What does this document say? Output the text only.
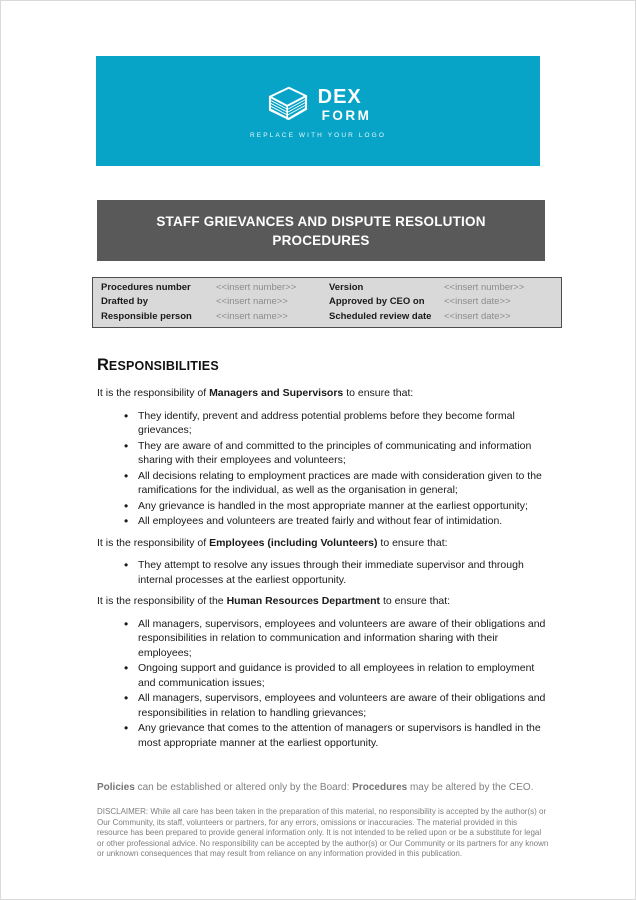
DEX
FORM
REPLACE WITH YOUR LOGO
STAFF GRIEVANCES AND DISPUTE RESOLUTION PROCEDURES
Procedures number	<<insert number>>	Version	<<insert number>>
Drafted by	<<insert name>>	Approved by CEO on	<<insert date>>
Responsible person	<<insert name>>	Scheduled review date	<<insert date>>
RESPONSIBILITIES

It is the responsibility of Managers and Supervisors to ensure that:

• They identify, prevent and address potential problems before they become formal grievances;
• They are aware of and committed to the principles of communicating and information sharing with their employees and volunteers;
• All decisions relating to employment practices are made with consideration given to the ramifications for the individual, as well as the organisation in general;
• Any grievance is handled in the most appropriate manner at the earliest opportunity;
• All employees and volunteers are treated fairly and without fear of intimidation.

It is the responsibility of Employees (including Volunteers) to ensure that:

• They attempt to resolve any issues through their immediate supervisor and through internal processes at the earliest opportunity.

It is the responsibility of the Human Resources Department to ensure that:

• All managers, supervisors, employees and volunteers are aware of their obligations and responsibilities in relation to communication and information sharing with their employees;
• Ongoing support and guidance is provided to all employees in relation to employment and communication issues;
• All managers, supervisors, employees and volunteers are aware of their obligations and responsibilities in relation to handling grievances;
• Any grievance that comes to the attention of managers or supervisors is handled in the most appropriate manner at the earliest opportunity.

Policies can be established or altered only by the Board: Procedures may be altered by the CEO.

DISCLAIMER: While all care has been taken in the preparation of this material, no responsibility is accepted by the author(s) or Our Community, its staff, volunteers or partners, for any errors, omissions or inaccuracies. The material provided in this resource has been prepared to provide general information only. It is not intended to be relied upon or be a substitute for legal or other professional advice. No responsibility can be accepted by the author(s) or Our Community or its partners for any known or unknown consequences that may result from reliance on any information provided in this publication.
